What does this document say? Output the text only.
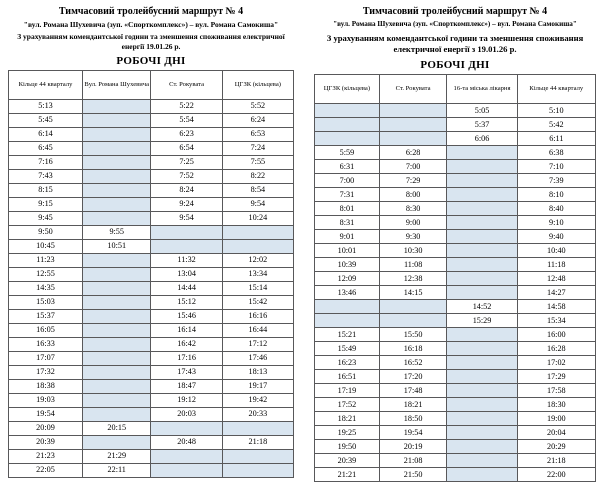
Тимчасовий тролейбусний маршрут № 4
"вул. Романа Шухевича (зуп. «Спорткомплекс») – вул. Романа Самокиша"
З урахуванням комендантської години та зменшення споживання електричної енергії 19.01.26 р.
РОБОЧІ ДНІ
Кільце 44 кварталу	Вул. Романа Шухевича	Ст. Рокувата	ЦГЗК (кільцева)
5:13		5:22	5:52
5:45		5:54	6:24
6:14		6:23	6:53
6:45		6:54	7:24
7:16		7:25	7:55
7:43		7:52	8:22
8:15		8:24	8:54
9:15		9:24	9:54
9:45		9:54	10:24
9:50	9:55		
10:45	10:51		
11:23		11:32	12:02
12:55		13:04	13:34
14:35		14:44	15:14
15:03		15:12	15:42
15:37		15:46	16:16
16:05		16:14	16:44
16:33		16:42	17:12
17:07		17:16	17:46
17:32		17:43	18:13
18:38		18:47	19:17
19:03		19:12	19:42
19:54		20:03	20:33
20:09	20:15		
20:39		20:48	21:18
21:23	21:29		
22:05	22:11		
Тимчасовий тролейбусний маршрут № 4
"вул. Романа Шухевича (зуп. «Спорткомплекс») – вул. Романа Самокиша"
З урахуванням комендантської години та зменшення споживання електричної енергії з 19.01.26 р.
РОБОЧІ ДНІ
ЦГЗК (кільцева)	Ст. Рокувата	16-та міська лікарня	Кільце 44 кварталу
		5:05	5:10
		5:37	5:42
		6:06	6:11
5:59	6:28		6:38
6:31	7:00		7:10
7:00	7:29		7:39
7:31	8:00		8:10
8:01	8:30		8:40
8:31	9:00		9:10
9:01	9:30		9:40
10:01	10:30		10:40
10:39	11:08		11:18
12:09	12:38		12:48
13:46	14:15		14:27
		14:52	14:58
		15:29	15:34
15:21	15:50		16:00
15:49	16:18		16:28
16:23	16:52		17:02
16:51	17:20		17:29
17:19	17:48		17:58
17:52	18:21		18:30
18:21	18:50		19:00
19:25	19:54		20:04
19:50	20:19		20:29
20:39	21:08		21:18
21:21	21:50		22:00
